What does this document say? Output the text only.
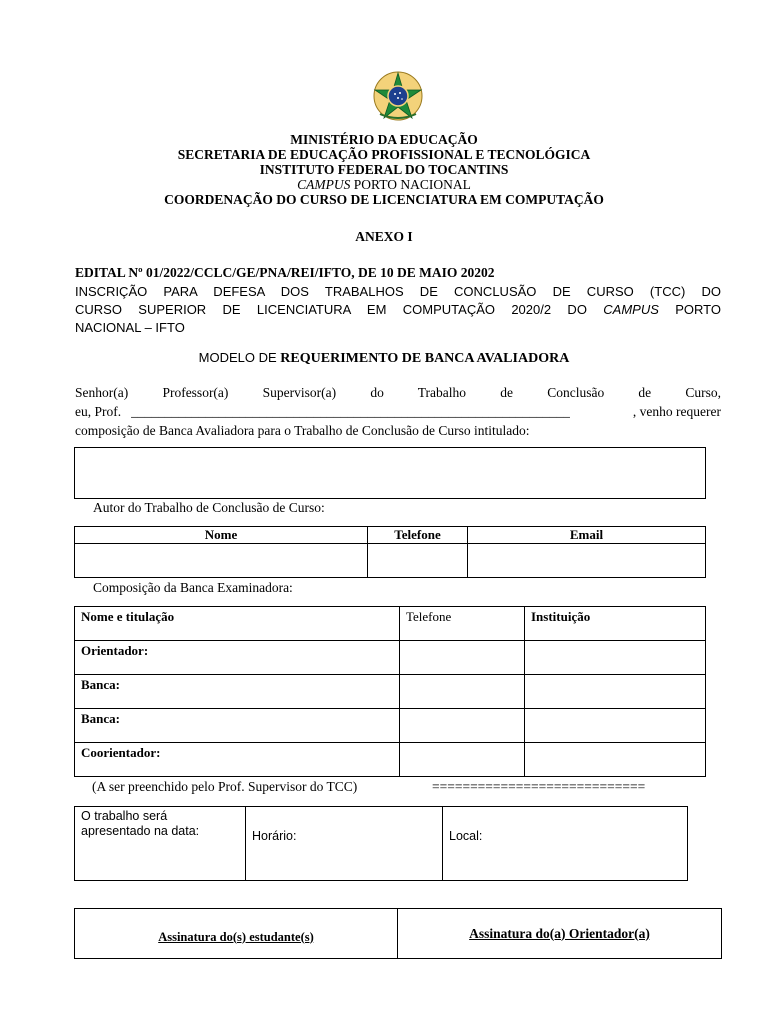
MINISTÉRIO DA EDUCAÇÃO
SECRETARIA DE EDUCAÇÃO PROFISSIONAL E TECNOLÓGICA
INSTITUTO FEDERAL DO TOCANTINS
CAMPUS PORTO NACIONAL
COORDENAÇÃO DO CURSO DE LICENCIATURA EM COMPUTAÇÃO
ANEXO I
EDITAL Nº 01/2022/CCLC/GE/PNA/REI/IFTO, DE 10 DE MAIO 20202
INSCRIÇÃO PARA DEFESA DOS TRABALHOS DE CONCLUSÃO DE CURSO (TCC) DO
CURSO SUPERIOR DE LICENCIATURA EM COMPUTAÇÃO 2020/2 DO CAMPUS PORTO
NACIONAL – IFTO
MODELO DE REQUERIMENTO DE BANCA AVALIADORA
Senhor(a) Professor(a) Supervisor(a) do Trabalho de Conclusão de Curso,
eu, Prof. _________________________________________________________________	, venho requerer
composição de Banca Avaliadora para o Trabalho de Conclusão de Curso intitulado:
Autor do Trabalho de Conclusão de Curso:
Nome	Telefone	Email

Composição da Banca Examinadora:
Nome e titulação	Telefone	Instituição
Orientador:		
Banca:		
Banca:		
Coorientador:		
(A ser preenchido pelo Prof. Supervisor do TCC)	============================
O trabalho será apresentado na data:	Horário:	Local:
Assinatura do(s) estudante(s)	Assinatura do(a) Orientador(a)
